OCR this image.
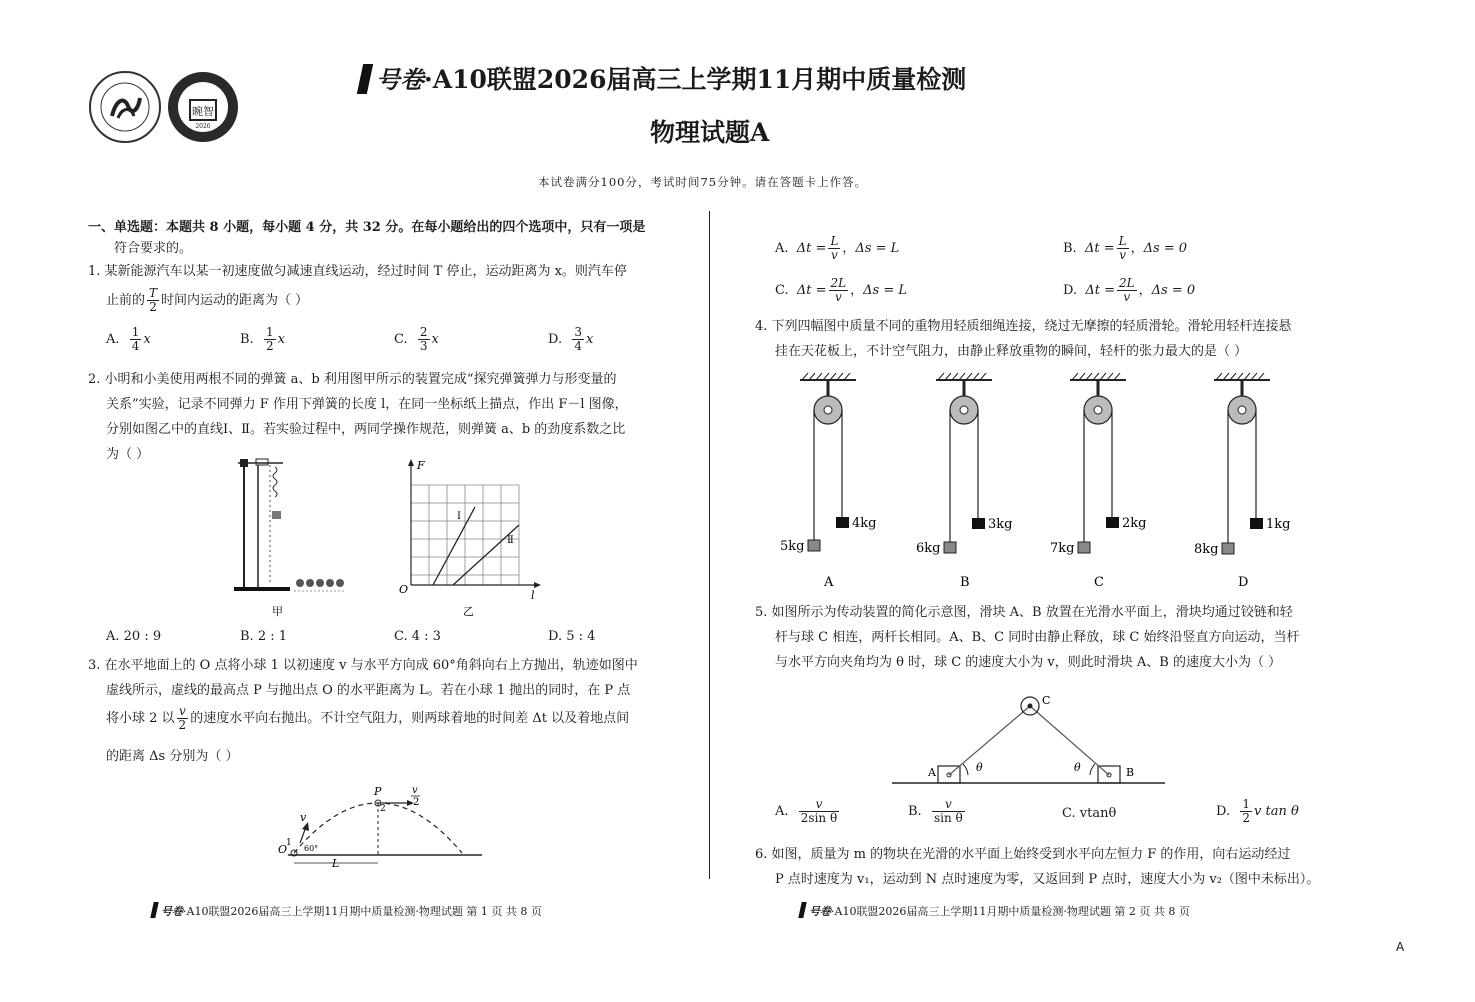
晼智
2026
号卷·A10联盟2026届高三上学期11月期中质量检测
物理试题A
本试卷满分100分，考试时间75分钟。请在答题卡上作答。
一、单选题：本题共 8 小题，每小题 4 分，共 32 分。在每小题给出的四个选项中，只有一项是
符合要求的。
1. 某新能源汽车以某一初速度做匀减速直线运动，经过时间 T 停止，运动距离为 x。则汽车停
止前的 $\frac{T}{2}$ 时间内运动的距离为（ ）
A. $\frac{1}{4}$ x	B. $\frac{1}{2}$ x	C. $\frac{2}{3}$ x	D. $\frac{3}{4}$ x
2. 小明和小美使用两根不同的弹簧 a、b 利用图甲所示的装置完成“探究弹簧弹力与形变量的
关系”实验，记录不同弹力 F 作用下弹簧的长度 l，在同一坐标纸上描点，作出 F－l 图像，
分别如图乙中的直线Ⅰ、Ⅱ。若实验过程中，两同学操作规范，则弹簧 a、b 的劲度系数之比
为（ ）
甲
F
l
O
Ⅰ
Ⅱ
乙
A. 20 : 9	B. 2 : 1	C. 4 : 3	D. 5 : 4
3. 在水平地面上的 O 点将小球 1 以初速度 v 与水平方向成 60°角斜向右上方抛出，轨迹如图中
虚线所示，虚线的最高点 P 与抛出点 O 的水平距离为 L。若在小球 1 抛出的同时，在 P 点
将小球 2 以 $\frac{v}{2}$ 的速度水平向右抛出。不计空气阻力，则两球着地的时间差 Δt 以及着地点间
的距离 Δs 分别为（ ）
O
P
v
1
2
60°
L
v
2
号卷·A10联盟2026届高三上学期11月期中质量检测·物理试题 第 1 页 共 8 页
A. $\Delta t = \frac{L}{v}$ ，Δs = L	B. $\Delta t = \frac{L}{v}$ ，Δs = 0
C. $\Delta t = \frac{2L}{v}$ ，Δs = L	D. $\Delta t = \frac{2L}{v}$ ，Δs = 0
4. 下列四幅图中质量不同的重物用轻质细绳连接，绕过无摩擦的轻质滑轮。滑轮用轻杆连接悬
挂在天花板上，不计空气阻力，由静止释放重物的瞬间，轻杆的张力最大的是（ ）
5kg
4kg
A
6kg
3kg
B
7kg
2kg
C
8kg
1kg
D
5. 如图所示为传动装置的简化示意图，滑块 A、B 放置在光滑水平面上，滑块均通过铰链和轻
杆与球 C 相连，两杆长相同。A、B、C 同时由静止释放，球 C 始终沿竖直方向运动，当杆
与水平方向夹角均为 θ 时，球 C 的速度大小为 v，则此时滑块 A、B 的速度大小为（ ）
A	B
C
θ	θ
A. $\frac{v}{\text{2sin θ}}$	B. $\frac{v}{\text{sin θ}}$	C. vtanθ	D. $\frac{1}{2}$ v tan θ
6. 如图，质量为 m 的物块在光滑的水平面上始终受到水平向左恒力 F 的作用，向右运动经过
P 点时速度为 v₁，运动到 N 点时速度为零，又返回到 P 点时，速度大小为 v₂（图中未标出）。
号卷·A10联盟2026届高三上学期11月期中质量检测·物理试题 第 2 页 共 8 页
A
